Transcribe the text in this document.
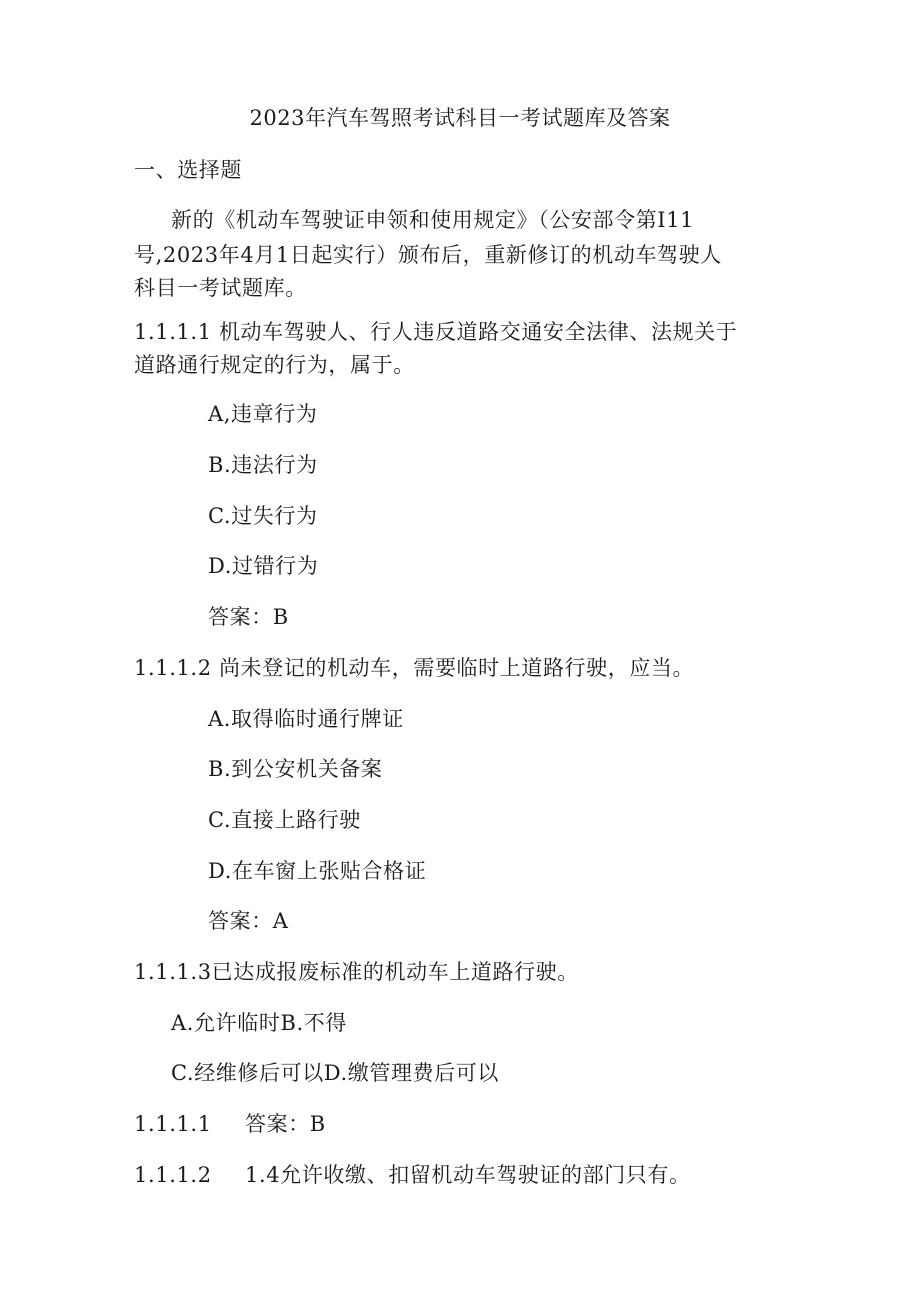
2023年汽车驾照考试科目一考试题库及答案
一、选择题
新的《机动车驾驶证申领和使用规定》（公安部令第I11
号,2023年4月1日起实行）颁布后，重新修订的机动车驾驶人
科目一考试题库。
1.1.1.1 机动车驾驶人、行人违反道路交通安全法律、法规关于
道路通行规定的行为，属于。
A,违章行为
B.违法行为
C.过失行为
D.过错行为
答案：B
1.1.1.2 尚未登记的机动车，需要临时上道路行驶，应当。
A.取得临时通行牌证
B.到公安机关备案
C.直接上路行驶
D.在车窗上张贴合格证
答案：A
1.1.1.3已达成报废标准的机动车上道路行驶。
A.允许临时B.不得
C.经维修后可以D.缴管理费后可以
1.1.1.1 答案：B
1.1.1.2 1.4允许收缴、扣留机动车驾驶证的部门只有。
